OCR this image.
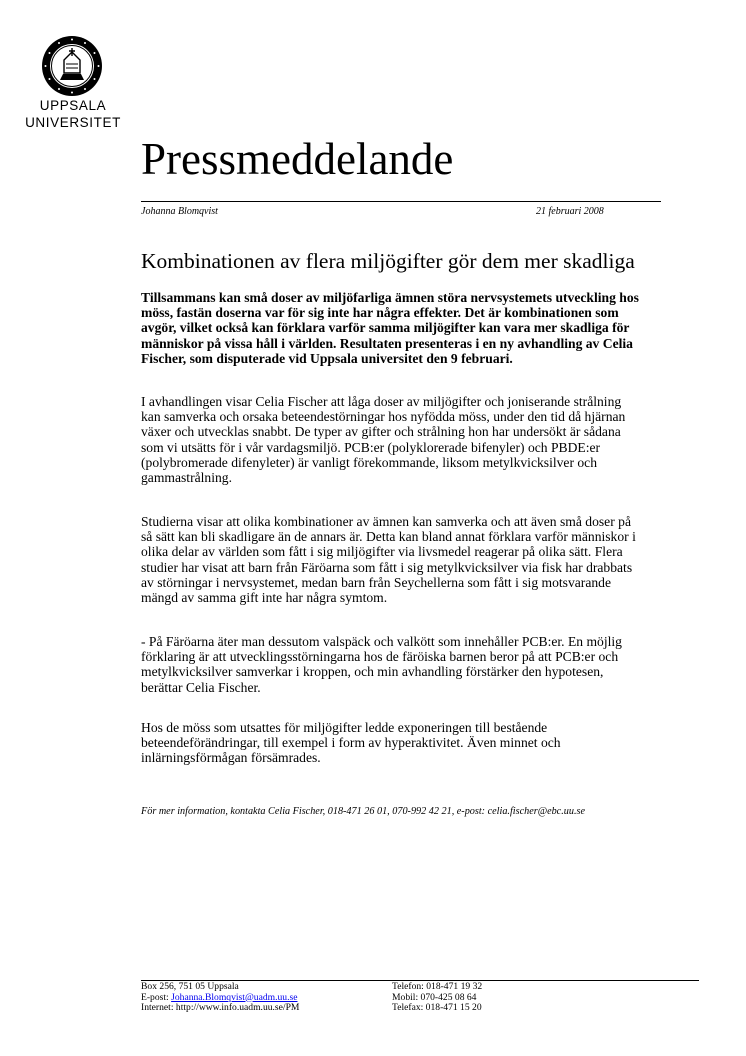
UPPSALA
UNIVERSITET
Pressmeddelande
Johanna Blomqvist	21 februari 2008
Kombinationen av flera miljögifter gör dem mer skadliga
Tillsammans kan små doser av miljöfarliga ämnen störa nervsystemets utveckling hos
möss, fastän doserna var för sig inte har några effekter. Det är kombinationen som
avgör, vilket också kan förklara varför samma miljögifter kan vara mer skadliga för
människor på vissa håll i världen. Resultaten presenteras i en ny avhandling av Celia
Fischer, som disputerade vid Uppsala universitet den 9 februari.
I avhandlingen visar Celia Fischer att låga doser av miljögifter och joniserande strålning
kan samverka och orsaka beteendestörningar hos nyfödda möss, under den tid då hjärnan
växer och utvecklas snabbt. De typer av gifter och strålning hon har undersökt är sådana
som vi utsätts för i vår vardagsmiljö. PCB:er (polyklorerade bifenyler) och PBDE:er
(polybromerade difenyleter) är vanligt förekommande, liksom metylkvicksilver och
gammastrålning.
Studierna visar att olika kombinationer av ämnen kan samverka och att även små doser på
så sätt kan bli skadligare än de annars är. Detta kan bland annat förklara varför människor i
olika delar av världen som fått i sig miljögifter via livsmedel reagerar på olika sätt. Flera
studier har visat att barn från Färöarna som fått i sig metylkvicksilver via fisk har drabbats
av störningar i nervsystemet, medan barn från Seychellerna som fått i sig motsvarande
mängd av samma gift inte har några symtom.
- På Färöarna äter man dessutom valspäck och valkött som innehåller PCB:er. En möjlig
förklaring är att utvecklingsstörningarna hos de färöiska barnen beror på att PCB:er och
metylkvicksilver samverkar i kroppen, och min avhandling förstärker den hypotesen,
berättar Celia Fischer.
Hos de möss som utsattes för miljögifter ledde exponeringen till bestående
beteendeförändringar, till exempel i form av hyperaktivitet. Även minnet och
inlärningsförmågan försämrades.
För mer information, kontakta Celia Fischer, 018-471 26 01, 070-992 42 21, e-post: celia.fischer@ebc.uu.se
Box 256, 751 05 Uppsala
E-post: Johanna.Blomqvist@uadm.uu.se
Internet: http://www.info.uadm.uu.se/PM
Telefon: 018-471 19 32
Mobil: 070-425 08 64
Telefax: 018-471 15 20
